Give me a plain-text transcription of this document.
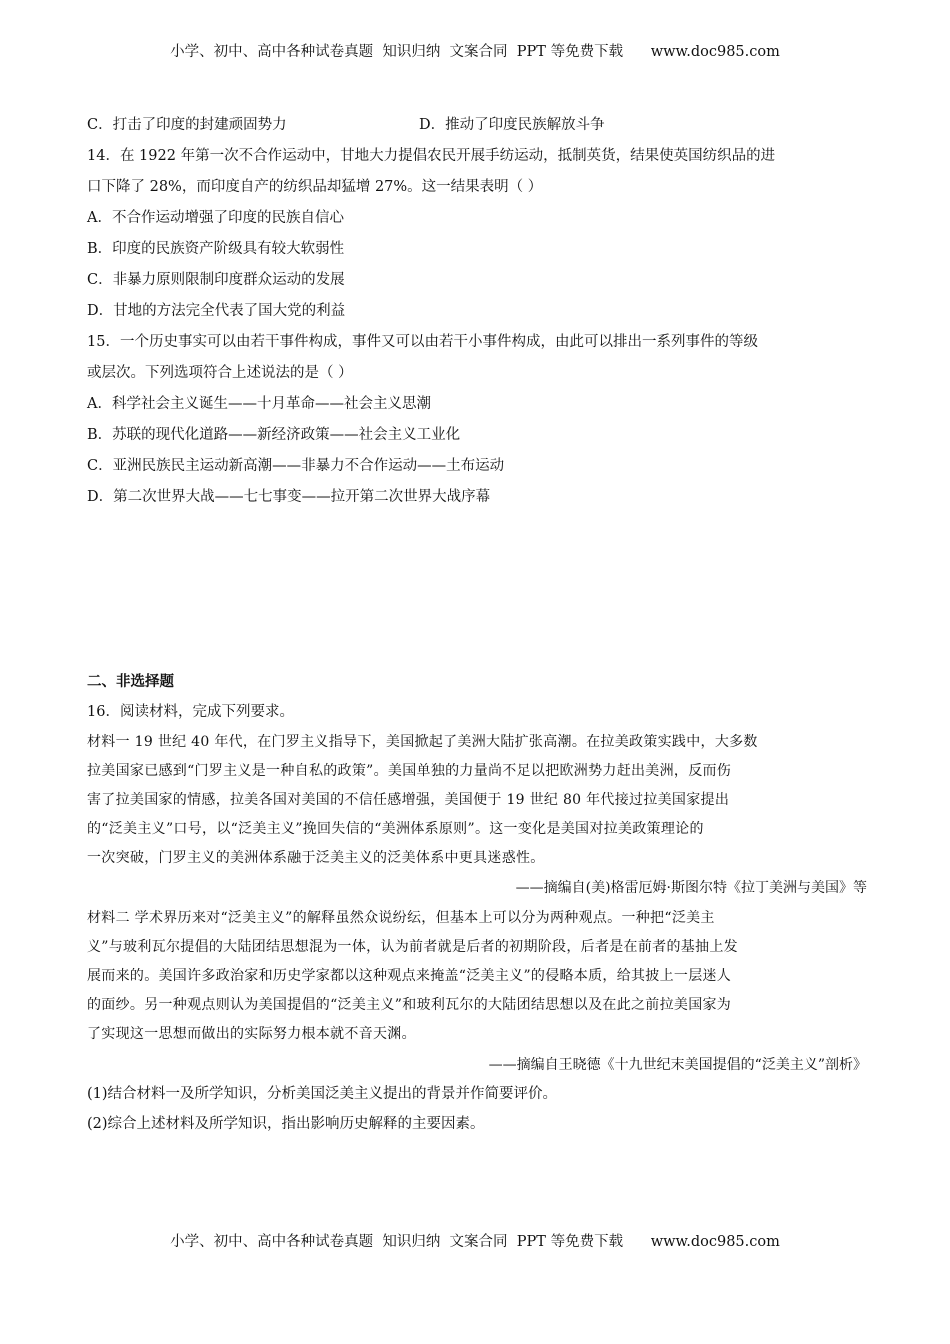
小学、初中、高中各种试卷真题  知识归纳  文案合同  PPT 等免费下载      www.doc985.com
C．打击了印度的封建顽固势力	D．推动了印度民族解放斗争
14．在 1922 年第一次不合作运动中，甘地大力提倡农民开展手纺运动，抵制英货，结果使英国纺织品的进
口下降了 28%，而印度自产的纺织品却猛增 27%。这一结果表明（ ）
A．不合作运动增强了印度的民族自信心
B．印度的民族资产阶级具有较大软弱性
C．非暴力原则限制印度群众运动的发展
D．甘地的方法完全代表了国大党的利益
15．一个历史事实可以由若干事件构成，事件又可以由若干小事件构成，由此可以排出一系列事件的等级
或层次。下列选项符合上述说法的是（ ）
A．科学社会主义诞生——十月革命——社会主义思潮
B．苏联的现代化道路——新经济政策——社会主义工业化
C．亚洲民族民主运动新高潮——非暴力不合作运动——土布运动
D．第二次世界大战——七七事变——拉开第二次世界大战序幕
二、非选择题
16．阅读材料，完成下列要求。
材料一 19 世纪 40 年代，在门罗主义指导下，美国掀起了美洲大陆扩张高潮。在拉美政策实践中，大多数
拉美国家已感到“门罗主义是一种自私的政策”。美国单独的力量尚不足以把欧洲势力赶出美洲，反而伤
害了拉美国家的情感，拉美各国对美国的不信任感增强，美国便于 19 世纪 80 年代接过拉美国家提出
的“泛美主义”口号，以“泛美主义”挽回失信的“美洲体系原则”。这一变化是美国对拉美政策理论的
一次突破，门罗主义的美洲体系融于泛美主义的泛美体系中更具迷惑性。
——摘编自(美)格雷厄姆·斯图尔特《拉丁美洲与美国》等
材料二 学术界历来对“泛美主义”的解释虽然众说纷纭，但基本上可以分为两种观点。一种把“泛美主
义”与玻利瓦尔提倡的大陆团结思想混为一体，认为前者就是后者的初期阶段，后者是在前者的基抽上发
展而来的。美国许多政治家和历史学家都以这种观点来掩盖“泛美主义”的侵略本质，给其披上一层迷人
的面纱。另一种观点则认为美国提倡的“泛美主义”和玻利瓦尔的大陆团结思想以及在此之前拉美国家为
了实现这一思想而做出的实际努力根本就不音天渊。
——摘编自王晓德《十九世纪末美国提倡的“泛美主义”剖析》
(1)结合材料一及所学知识，分析美国泛美主义提出的背景并作简要评价。
(2)综合上述材料及所学知识，指出影响历史解释的主要因素。
小学、初中、高中各种试卷真题  知识归纳  文案合同  PPT 等免费下载      www.doc985.com
